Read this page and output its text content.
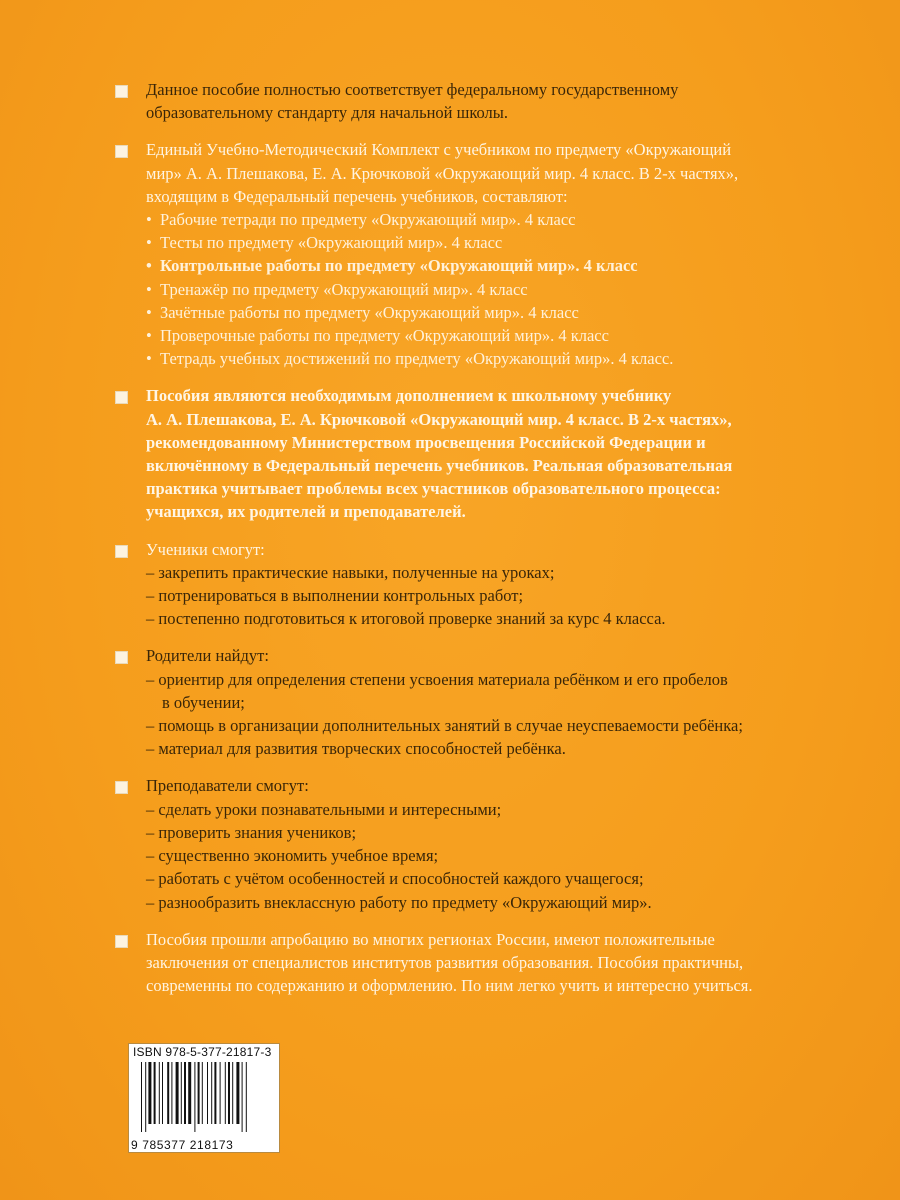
Данное пособие полностью соответствует федеральному государственному
образовательному стандарту для начальной школы.
Единый Учебно-Методический Комплект с учебником по предмету «Окружающий
мир» А. А. Плешакова, Е. А. Крючковой «Окружающий мир. 4 класс. В 2-х частях»,
входящим в Федеральный перечень учебников, составляют:
• Рабочие тетради по предмету «Окружающий мир». 4 класс
• Тесты по предмету «Окружающий мир». 4 класс
• Контрольные работы по предмету «Окружающий мир». 4 класс
• Тренажёр по предмету «Окружающий мир». 4 класс
• Зачётные работы по предмету «Окружающий мир». 4 класс
• Проверочные работы по предмету «Окружающий мир». 4 класс
• Тетрадь учебных достижений по предмету «Окружающий мир». 4 класс.
Пособия являются необходимым дополнением к школьному учебнику
А. А. Плешакова, Е. А. Крючковой «Окружающий мир. 4 класс. В 2-х частях»,
рекомендованному Министерством просвещения Российской Федерации и
включённому в Федеральный перечень учебников. Реальная образовательная
практика учитывает проблемы всех участников образовательного процесса:
учащихся, их родителей и преподавателей.
Ученики смогут:
– закрепить практические навыки, полученные на уроках;
– потренироваться в выполнении контрольных работ;
– постепенно подготовиться к итоговой проверке знаний за курс 4 класса.
Родители найдут:
– ориентир для определения степени усвоения материала ребёнком и его пробелов
в обучении;
– помощь в организации дополнительных занятий в случае неуспеваемости ребёнка;
– материал для развития творческих способностей ребёнка.
Преподаватели смогут:
– сделать уроки познавательными и интересными;
– проверить знания учеников;
– существенно экономить учебное время;
– работать с учётом особенностей и способностей каждого учащегося;
– разнообразить внеклассную работу по предмету «Окружающий мир».
Пособия прошли апробацию во многих регионах России, имеют положительные
заключения от специалистов институтов развития образования. Пособия практичны,
современны по содержанию и оформлению. По ним легко учить и интересно учиться.
ISBN 978-5-377-21817-3
9 785377 218173
